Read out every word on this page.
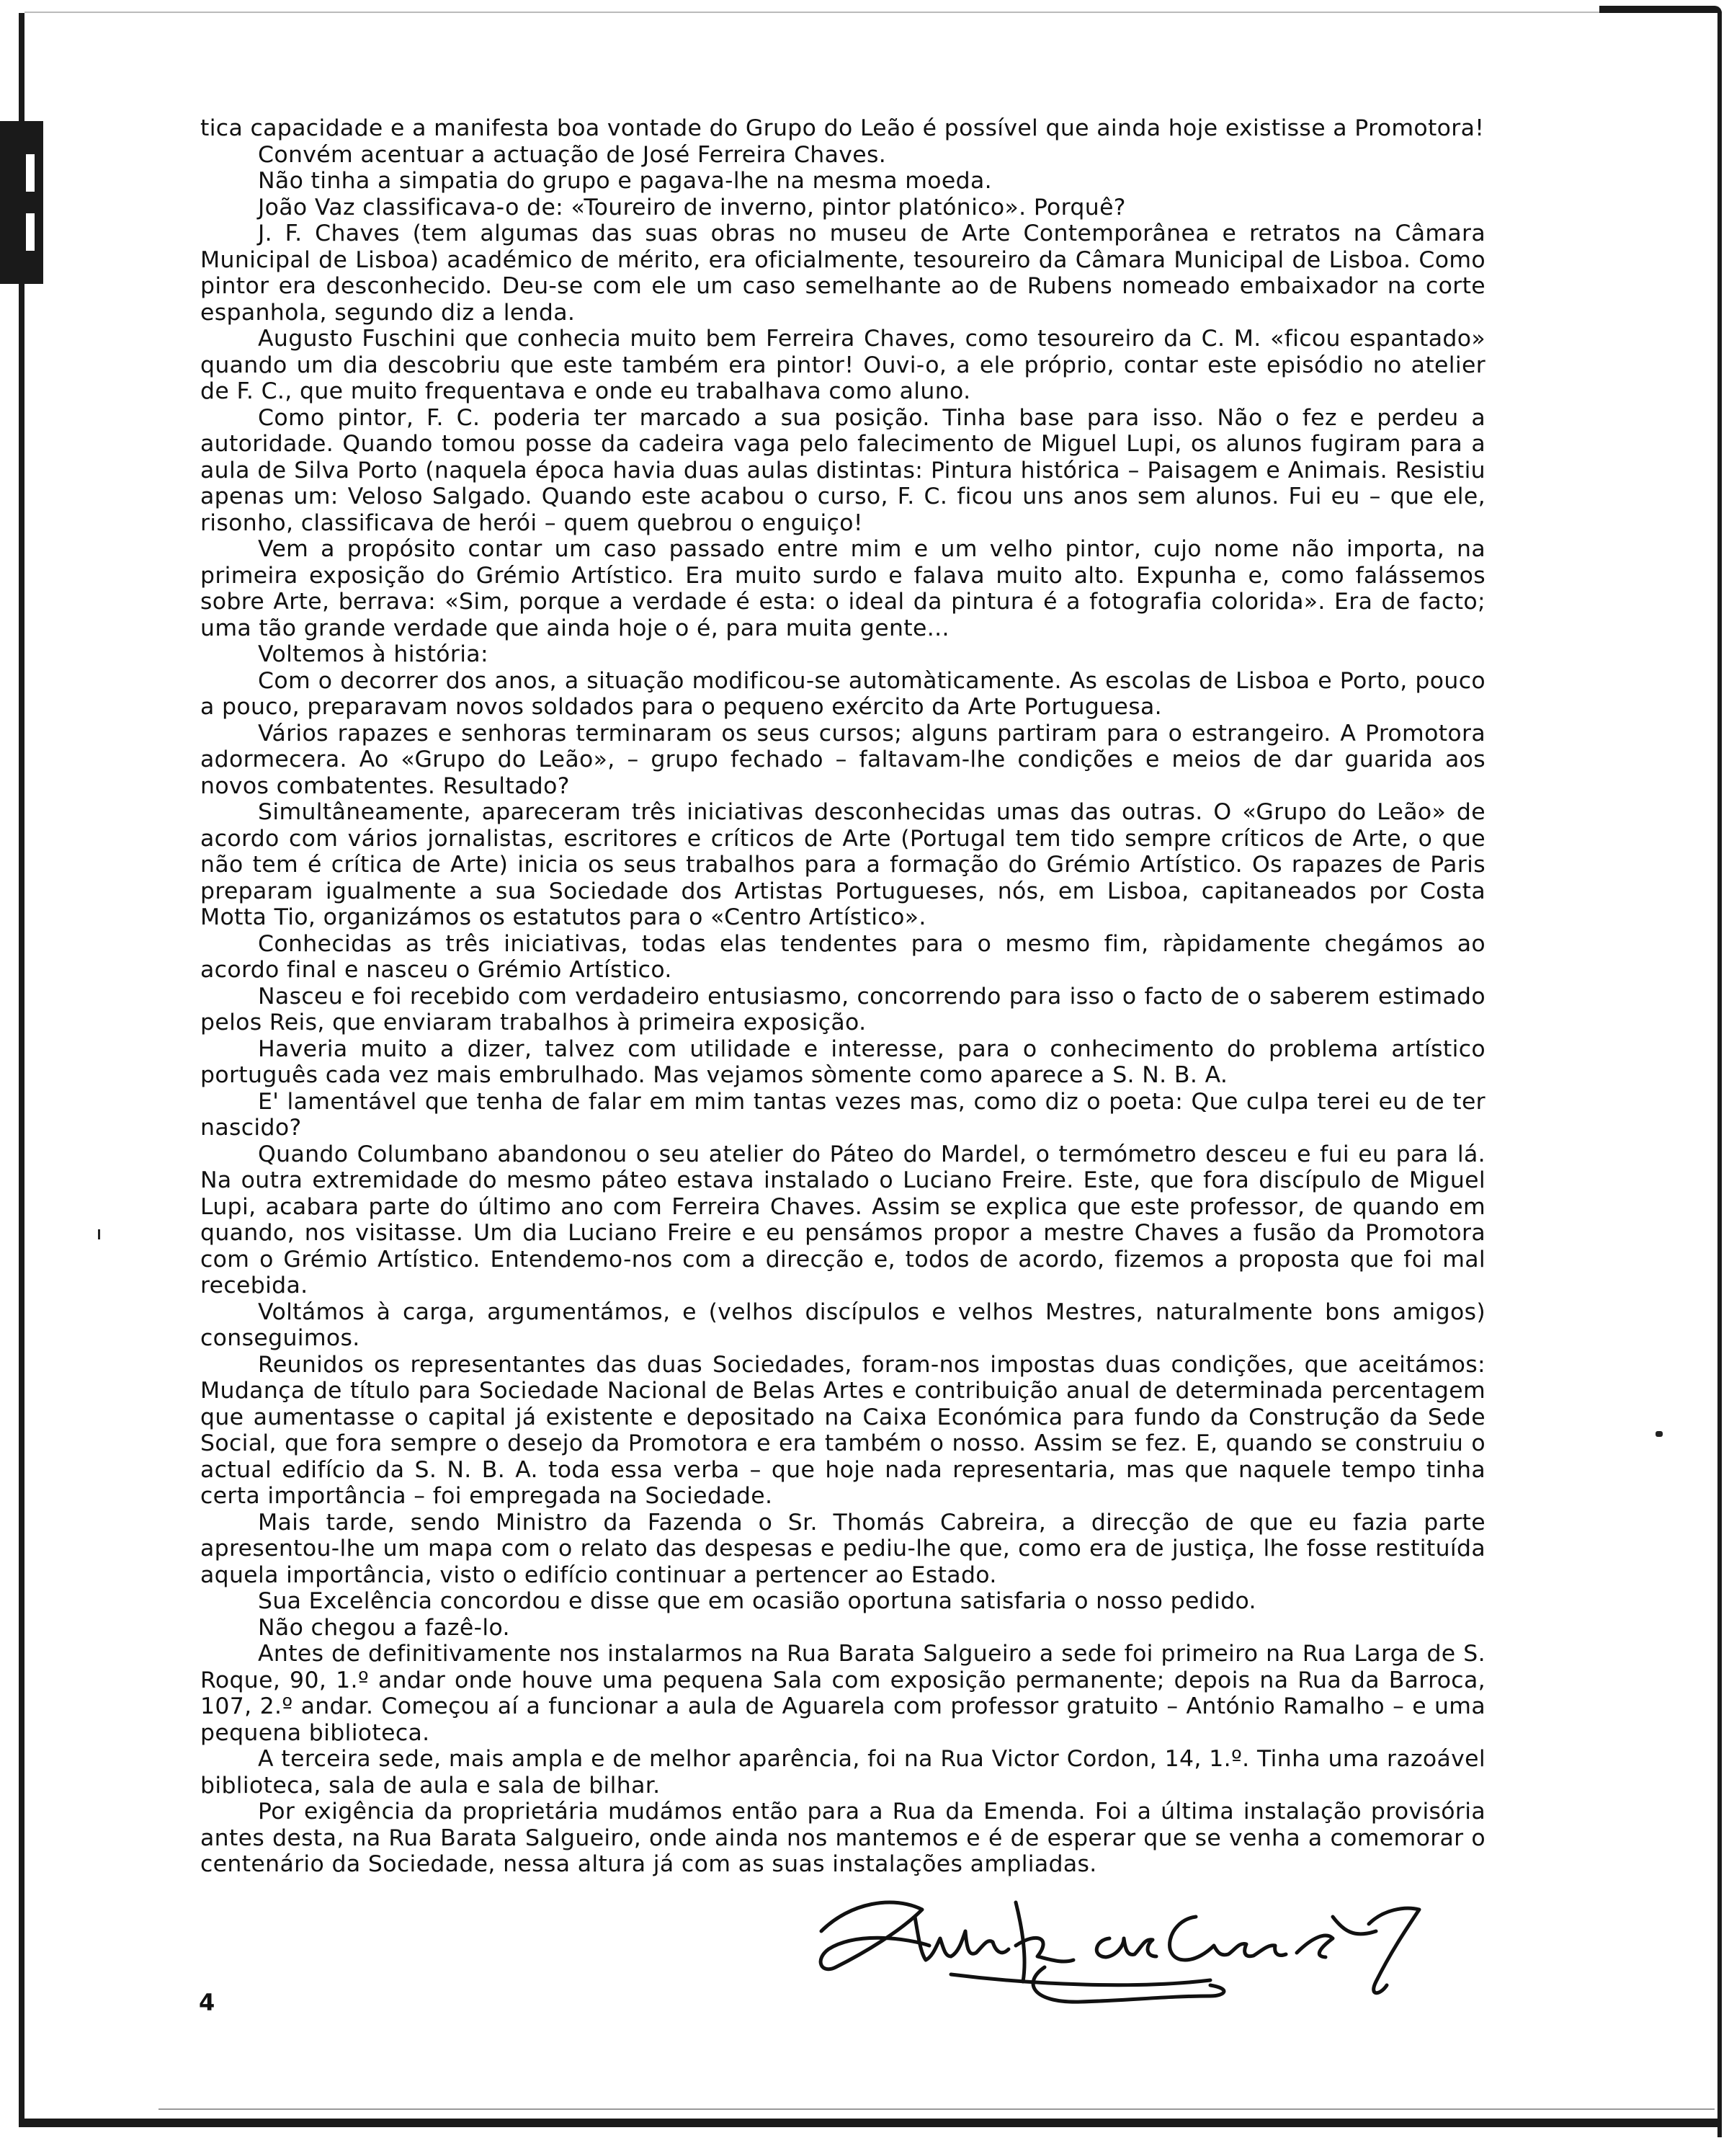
tica capacidade e a manifesta boa vontade do Grupo do Leão é possível que ainda hoje existisse a Promotora!

Convém acentuar a actuação de José Ferreira Chaves.

Não tinha a simpatia do grupo e pagava-lhe na mesma moeda.

João Vaz classificava-o de: «Toureiro de inverno, pintor platónico». Porquê?

J. F. Chaves (tem algumas das suas obras no museu de Arte Contemporânea e retratos na Câmara Municipal de Lisboa) académico de mérito, era oficialmente, tesoureiro da Câmara Municipal de Lisboa. Como pintor era desconhecido. Deu-se com ele um caso semelhante ao de Rubens nomeado embaixador na corte espanhola, segundo diz a lenda.

Augusto Fuschini que conhecia muito bem Ferreira Chaves, como tesoureiro da C. M. «ficou espantado» quando um dia descobriu que este também era pintor! Ouvi-o, a ele próprio, contar este episódio no atelier de F. C., que muito frequentava e onde eu trabalhava como aluno.

Como pintor, F. C. poderia ter marcado a sua posição. Tinha base para isso. Não o fez e perdeu a autoridade. Quando tomou posse da cadeira vaga pelo falecimento de Miguel Lupi, os alunos fugiram para a aula de Silva Porto (naquela época havia duas aulas distintas: Pintura histórica – Paisagem e Animais. Resistiu apenas um: Veloso Salgado. Quando este acabou o curso, F. C. ficou uns anos sem alunos. Fui eu – que ele, risonho, classificava de herói – quem quebrou o enguiço!

Vem a propósito contar um caso passado entre mim e um velho pintor, cujo nome não importa, na primeira exposição do Grémio Artístico. Era muito surdo e falava muito alto. Expunha e, como falássemos sobre Arte, berrava: «Sim, porque a verdade é esta: o ideal da pintura é a fotografia colorida». Era de facto; uma tão grande verdade que ainda hoje o é, para muita gente...

Voltemos à história:

Com o decorrer dos anos, a situação modificou-se automàticamente. As escolas de Lisboa e Porto, pouco a pouco, preparavam novos soldados para o pequeno exército da Arte Portuguesa.

Vários rapazes e senhoras terminaram os seus cursos; alguns partiram para o estrangeiro. A Promotora adormecera. Ao «Grupo do Leão», – grupo fechado – faltavam-lhe condições e meios de dar guarida aos novos combatentes. Resultado?

Simultâneamente, apareceram três iniciativas desconhecidas umas das outras. O «Grupo do Leão» de acordo com vários jornalistas, escritores e críticos de Arte (Portugal tem tido sempre críticos de Arte, o que não tem é crítica de Arte) inicia os seus trabalhos para a formação do Grémio Artístico. Os rapazes de Paris preparam igualmente a sua Sociedade dos Artistas Portugueses, nós, em Lisboa, capitaneados por Costa Motta Tio, organizámos os estatutos para o «Centro Artístico».

Conhecidas as três iniciativas, todas elas tendentes para o mesmo fim, ràpidamente chegámos ao acordo final e nasceu o Grémio Artístico.

Nasceu e foi recebido com verdadeiro entusiasmo, concorrendo para isso o facto de o saberem estimado pelos Reis, que enviaram trabalhos à primeira exposição.

Haveria muito a dizer, talvez com utilidade e interesse, para o conhecimento do problema artístico português cada vez mais embrulhado. Mas vejamos sòmente como aparece a S. N. B. A.

E' lamentável que tenha de falar em mim tantas vezes mas, como diz o poeta: Que culpa terei eu de ter nascido?

Quando Columbano abandonou o seu atelier do Páteo do Mardel, o termómetro desceu e fui eu para lá. Na outra extremidade do mesmo páteo estava instalado o Luciano Freire. Este, que fora discípulo de Miguel Lupi, acabara parte do último ano com Ferreira Chaves. Assim se explica que este professor, de quando em quando, nos visitasse. Um dia Luciano Freire e eu pensámos propor a mestre Chaves a fusão da Promotora com o Grémio Artístico. Entendemo-nos com a direcção e, todos de acordo, fizemos a proposta que foi mal recebida.

Voltámos à carga, argumentámos, e (velhos discípulos e velhos Mestres, naturalmente bons amigos) conseguimos.

Reunidos os representantes das duas Sociedades, foram-nos impostas duas condições, que aceitámos: Mudança de título para Sociedade Nacional de Belas Artes e contribuição anual de determinada percentagem que aumentasse o capital já existente e depositado na Caixa Económica para fundo da Construção da Sede Social, que fora sempre o desejo da Promotora e era também o nosso. Assim se fez. E, quando se construiu o actual edifício da S. N. B. A. toda essa verba – que hoje nada representaria, mas que naquele tempo tinha certa importância – foi empregada na Sociedade.

Mais tarde, sendo Ministro da Fazenda o Sr. Thomás Cabreira, a direcção de que eu fazia parte apresentou-lhe um mapa com o relato das despesas e pediu-lhe que, como era de justiça, lhe fosse restituída aquela importância, visto o edifício continuar a pertencer ao Estado.

Sua Excelência concordou e disse que em ocasião oportuna satisfaria o nosso pedido.

Não chegou a fazê-lo.

Antes de definitivamente nos instalarmos na Rua Barata Salgueiro a sede foi primeiro na Rua Larga de S. Roque, 90, 1.º andar onde houve uma pequena Sala com exposição permanente; depois na Rua da Barroca, 107, 2.º andar. Começou aí a funcionar a aula de Aguarela com professor gratuito – António Ramalho – e uma pequena biblioteca.

A terceira sede, mais ampla e de melhor aparência, foi na Rua Victor Cordon, 14, 1.º. Tinha uma razoável biblioteca, sala de aula e sala de bilhar.

Por exigência da proprietária mudámos então para a Rua da Emenda. Foi a última instalação provisória antes desta, na Rua Barata Salgueiro, onde ainda nos mantemos e é de esperar que se venha a comemorar o centenário da Sociedade, nessa altura já com as suas instalações ampliadas.

4
